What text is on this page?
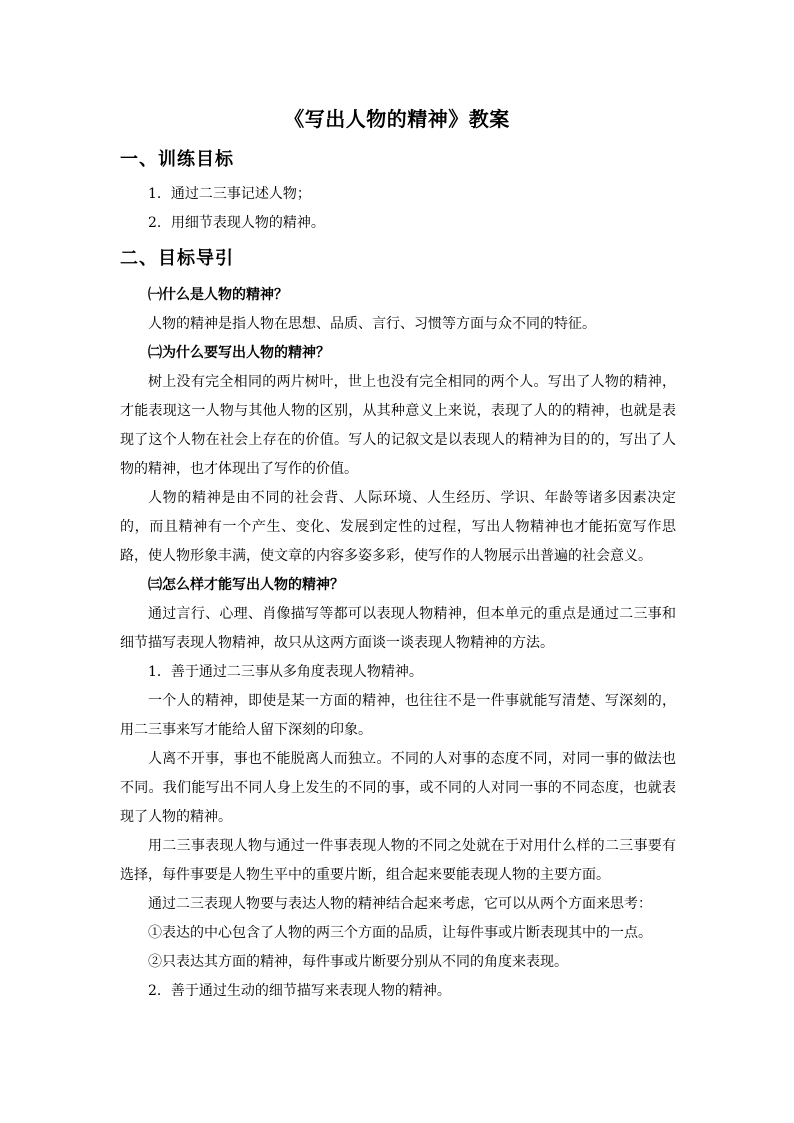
《写出人物的精神》教案
一、训练目标
1．通过二三事记述人物；
2．用细节表现人物的精神。
二、目标导引
㈠什么是人物的精神？
人物的精神是指人物在思想、品质、言行、习惯等方面与众不同的特征。
㈡为什么要写出人物的精神？
树上没有完全相同的两片树叶，世上也没有完全相同的两个人。写出了人物的精神，才能表现这一人物与其他人物的区别，从其种意义上来说，表现了人的的精神，也就是表现了这个人物在社会上存在的价值。写人的记叙文是以表现人的精神为目的的，写出了人物的精神，也才体现出了写作的价值。
人物的精神是由不同的社会背、人际环境、人生经历、学识、年龄等诸多因素决定的，而且精神有一个产生、变化、发展到定性的过程，写出人物精神也才能拓宽写作思路，使人物形象丰满，使文章的内容多姿多彩，使写作的人物展示出普遍的社会意义。
㈢怎么样才能写出人物的精神？
通过言行、心理、肖像描写等都可以表现人物精神，但本单元的重点是通过二三事和细节描写表现人物精神，故只从这两方面谈一谈表现人物精神的方法。
1．善于通过二三事从多角度表现人物精神。
一个人的精神，即使是某一方面的精神，也往往不是一件事就能写清楚、写深刻的，用二三事来写才能给人留下深刻的印象。
人离不开事，事也不能脱离人而独立。不同的人对事的态度不同，对同一事的做法也不同。我们能写出不同人身上发生的不同的事，或不同的人对同一事的不同态度，也就表现了人物的精神。
用二三事表现人物与通过一件事表现人物的不同之处就在于对用什么样的二三事要有选择，每件事要是人物生平中的重要片断，组合起来要能表现人物的主要方面。
通过二三表现人物要与表达人物的精神结合起来考虑，它可以从两个方面来思考：
①表达的中心包含了人物的两三个方面的品质，让每件事或片断表现其中的一点。
②只表达其方面的精神，每件事或片断要分别从不同的角度来表现。
2．善于通过生动的细节描写来表现人物的精神。
